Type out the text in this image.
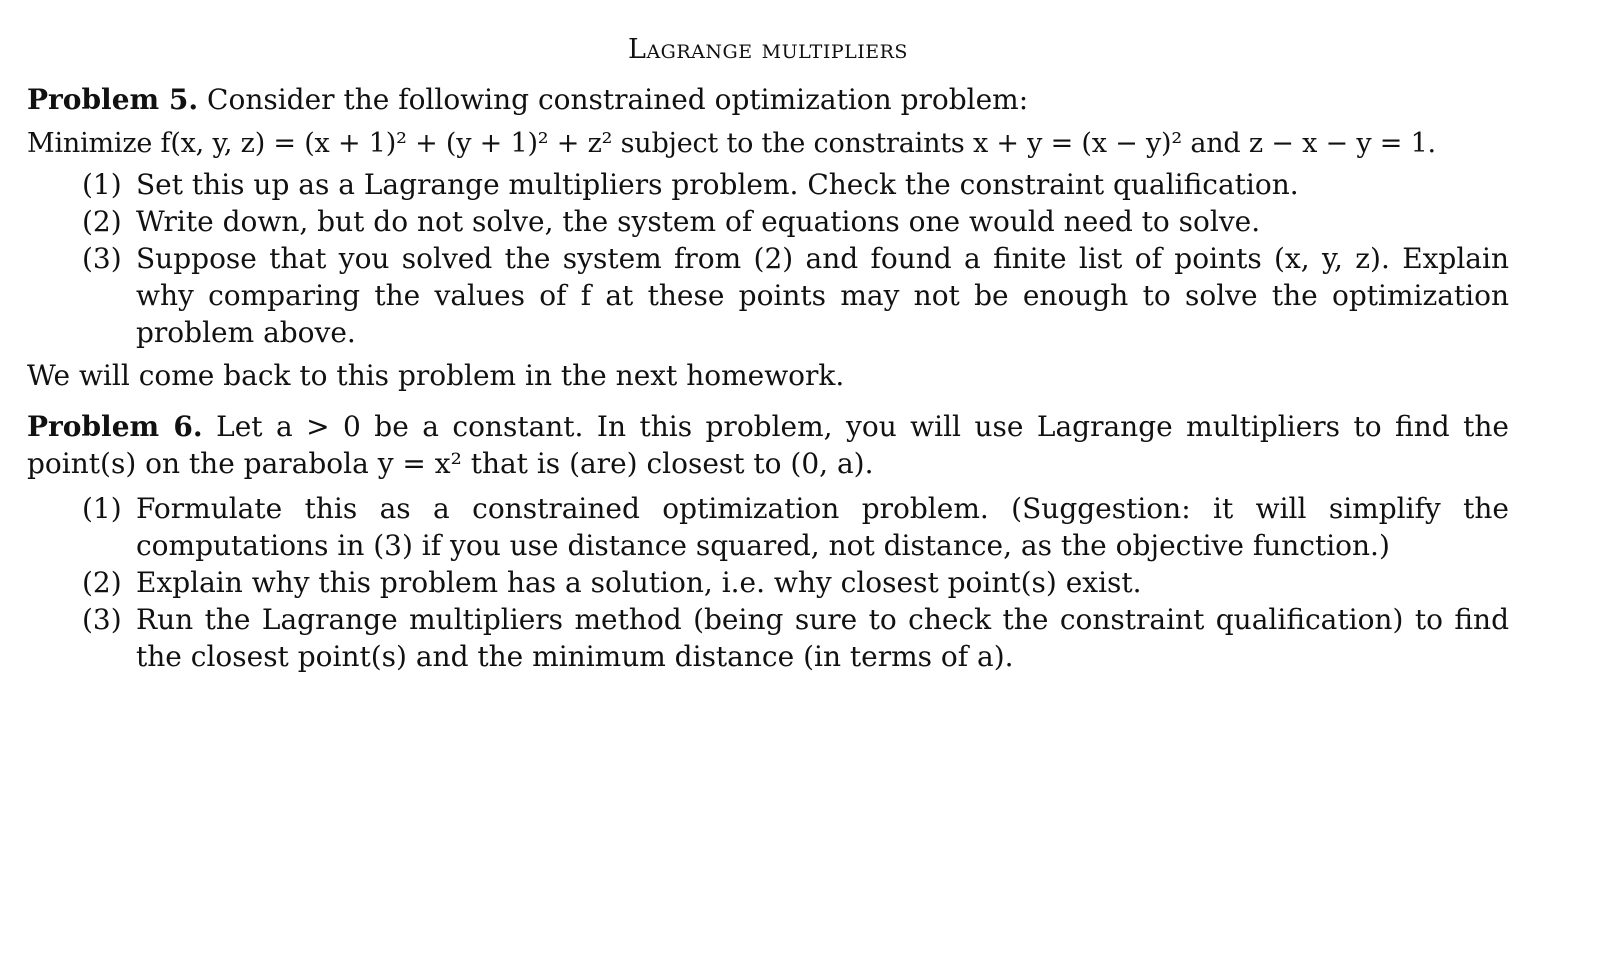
Lagrange multipliers

Problem 5. Consider the following constrained optimization problem:

Minimize f(x, y, z) = (x + 1)² + (y + 1)² + z² subject to the constraints x + y = (x − y)² and z − x − y = 1.

(1) Set this up as a Lagrange multipliers problem. Check the constraint qualification.
(2) Write down, but do not solve, the system of equations one would need to solve.
(3) Suppose that you solved the system from (2) and found a finite list of points (x, y, z). Explain why comparing the values of f at these points may not be enough to solve the optimization problem above.

We will come back to this problem in the next homework.

Problem 6. Let a > 0 be a constant. In this problem, you will use Lagrange multipliers to find the point(s) on the parabola y = x² that is (are) closest to (0, a).

(1) Formulate this as a constrained optimization problem. (Suggestion: it will simplify the computations in (3) if you use distance squared, not distance, as the objective function.)
(2) Explain why this problem has a solution, i.e. why closest point(s) exist.
(3) Run the Lagrange multipliers method (being sure to check the constraint qualification) to find the closest point(s) and the minimum distance (in terms of a).
